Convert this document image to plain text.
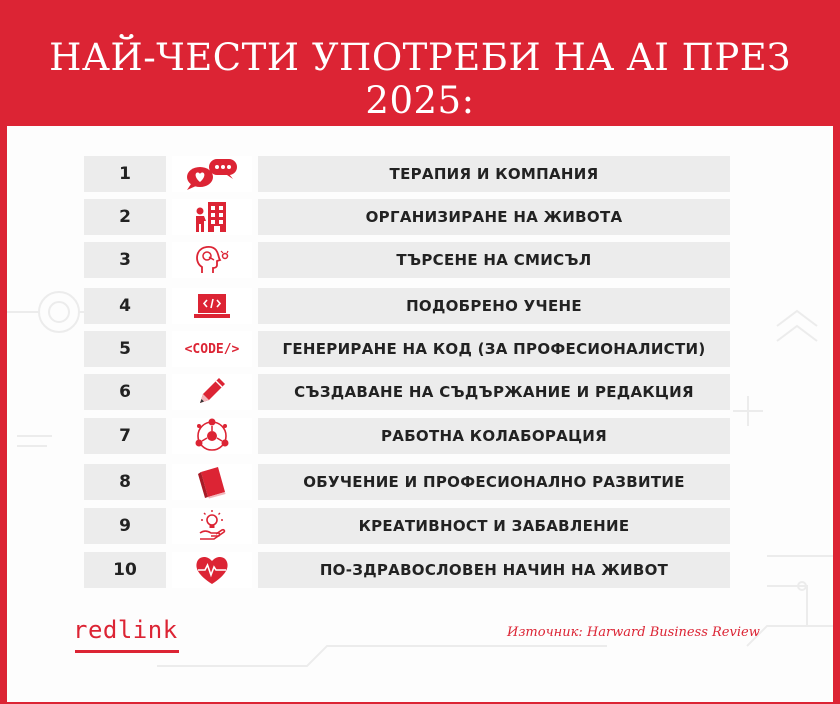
НАЙ-ЧЕСТИ УПОТРЕБИ НА AI ПРЕЗ 2025:
1	ТЕРАПИЯ И КОМПАНИЯ
2	ОРГАНИЗИРАНЕ НА ЖИВОТА
3	ТЪРСЕНЕ НА СМИСЪЛ
4	ПОДОБРЕНО УЧЕНЕ
5	<CODE/>	ГЕНЕРИРАНЕ НА КОД (ЗА ПРОФЕСИОНАЛИСТИ)
6	СЪЗДАВАНЕ НА СЪДЪРЖАНИЕ И РЕДАКЦИЯ
7	РАБОТНА КОЛАБОРАЦИЯ
8	ОБУЧЕНИЕ И ПРОФЕСИОНАЛНО РАЗВИТИЕ
9	КРЕАТИВНОСТ И ЗАБАВЛЕНИЕ
10	ПО-ЗДРАВОСЛОВЕН НАЧИН НА ЖИВОТ
redlink	Източник: Harward Business Review
